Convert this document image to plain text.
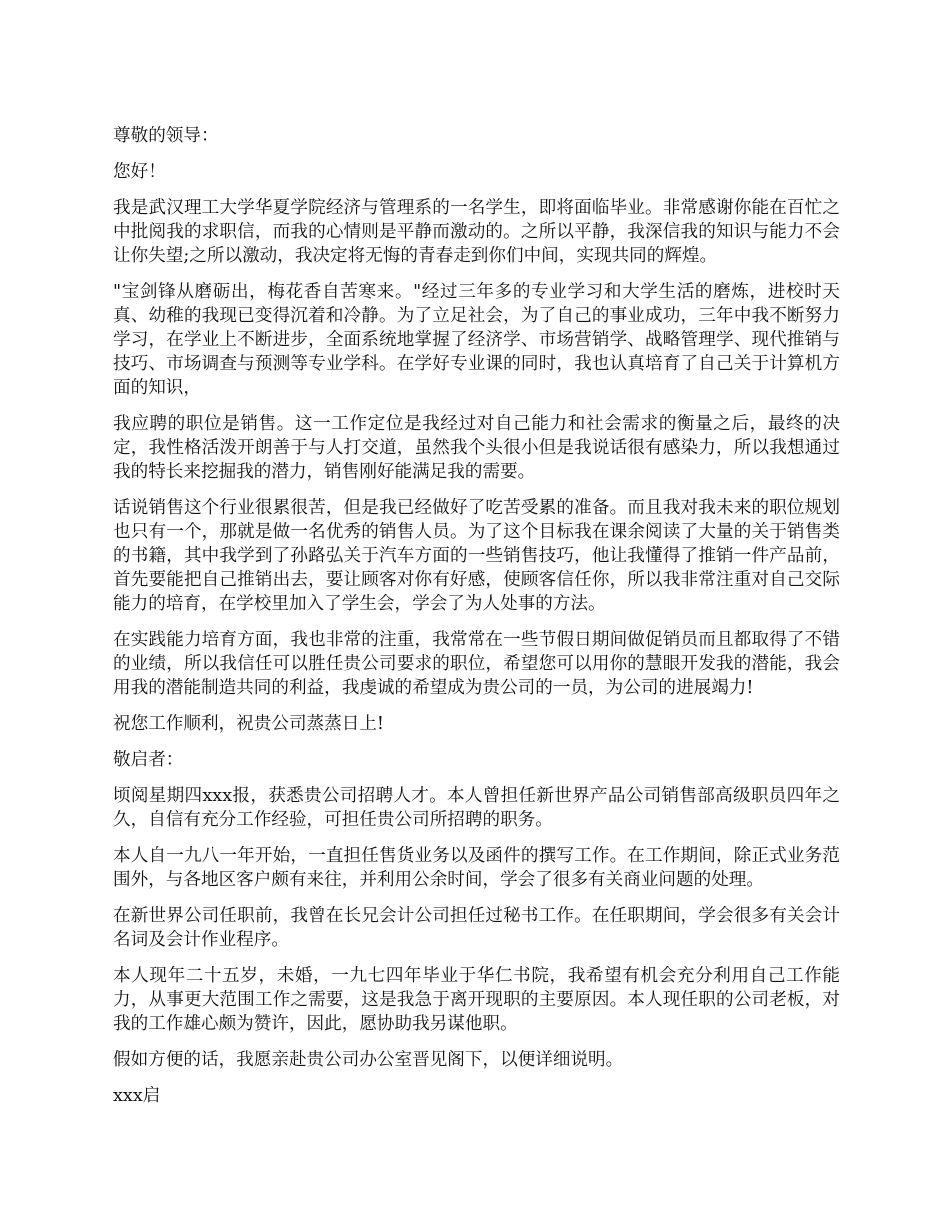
尊敬的领导：

您好！

我是武汉理工大学华夏学院经济与管理系的一名学生，即将面临毕业。非常感谢你能在百忙之中批阅我的求职信，而我的心情则是平静而激动的。之所以平静，我深信我的知识与能力不会让你失望;之所以激动，我决定将无悔的青春走到你们中间，实现共同的辉煌。

"宝剑锋从磨砺出，梅花香自苦寒来。"经过三年多的专业学习和大学生活的磨炼，进校时天真、幼稚的我现已变得沉着和冷静。为了立足社会，为了自己的事业成功，三年中我不断努力学习，在学业上不断进步，全面系统地掌握了经济学、市场营销学、战略管理学、现代推销与技巧、市场调查与预测等专业学科。在学好专业课的同时，我也认真培育了自己关于计算机方面的知识，

我应聘的职位是销售。这一工作定位是我经过对自己能力和社会需求的衡量之后，最终的决定，我性格活泼开朗善于与人打交道，虽然我个头很小但是我说话很有感染力，所以我想通过我的特长来挖掘我的潜力，销售刚好能满足我的需要。

话说销售这个行业很累很苦，但是我已经做好了吃苦受累的准备。而且我对我未来的职位规划也只有一个，那就是做一名优秀的销售人员。为了这个目标我在课余阅读了大量的关于销售类的书籍，其中我学到了孙路弘关于汽车方面的一些销售技巧，他让我懂得了推销一件产品前，首先要能把自己推销出去，要让顾客对你有好感，使顾客信任你，所以我非常注重对自己交际能力的培育，在学校里加入了学生会，学会了为人处事的方法。

在实践能力培育方面，我也非常的注重，我常常在一些节假日期间做促销员而且都取得了不错的业绩，所以我信任可以胜任贵公司要求的职位，希望您可以用你的慧眼开发我的潜能，我会用我的潜能制造共同的利益，我虔诚的希望成为贵公司的一员，为公司的进展竭力!

祝您工作顺利，祝贵公司蒸蒸日上!

敬启者：

顷阅星期四xxx报，获悉贵公司招聘人才。本人曾担任新世界产品公司销售部高级职员四年之久，自信有充分工作经验，可担任贵公司所招聘的职务。

本人自一九八一年开始，一直担任售货业务以及函件的撰写工作。在工作期间，除正式业务范围外，与各地区客户颇有来往，并利用公余时间，学会了很多有关商业问题的处理。

在新世界公司任职前，我曾在长兄会计公司担任过秘书工作。在任职期间，学会很多有关会计名词及会计作业程序。

本人现年二十五岁，未婚，一九七四年毕业于华仁书院，我希望有机会充分利用自己工作能力，从事更大范围工作之需要，这是我急于离开现职的主要原因。本人现任职的公司老板，对我的工作雄心颇为赞许，因此，愿协助我另谋他职。

假如方便的话，我愿亲赴贵公司办公室晋见阁下，以便详细说明。

xxx启
